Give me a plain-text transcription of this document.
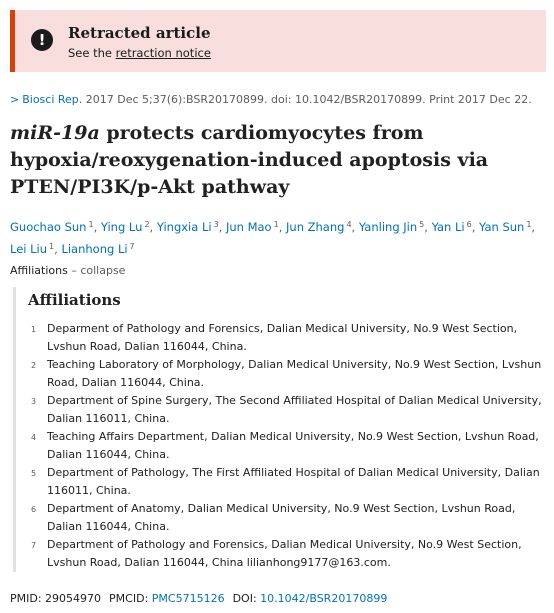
!	Retracted article
See the retraction notice
> Biosci Rep. 2017 Dec 5;37(6):BSR20170899. doi: 10.1042/BSR20170899. Print 2017 Dec 22.
miR-19a protects cardiomyocytes from hypoxia/reoxygenation-induced apoptosis via PTEN/PI3K/p-Akt pathway
Guochao Sun $^1$, Ying Lu $^2$, Yingxia Li $^3$, Jun Mao $^1$, Jun Zhang $^4$, Yanling Jin $^5$, Yan Li $^6$, Yan Sun $^1$, Lei Liu $^1$, Lianhong Li $^7$
Affiliations – collapse
Affiliations
1 Deparment of Pathology and Forensics, Dalian Medical University, No.9 West Section, Lvshun Road, Dalian 116044, China.
2 Teaching Laboratory of Morphology, Dalian Medical University, No.9 West Section, Lvshun Road, Dalian 116044, China.
3 Department of Spine Surgery, The Second Affiliated Hospital of Dalian Medical University, Dalian 116011, China.
4 Teaching Affairs Department, Dalian Medical University, No.9 West Section, Lvshun Road, Dalian 116044, China.
5 Department of Pathology, The First Affiliated Hospital of Dalian Medical University, Dalian 116011, China.
6 Department of Anatomy, Dalian Medical University, No.9 West Section, Lvshun Road, Dalian 116044, China.
7 Department of Pathology and Forensics, Dalian Medical University, No.9 West Section, Lvshun Road, Dalian 116044, China lilianhong9177@163.com.
PMID: 29054970 PMCID: PMC5715126 DOI: 10.1042/BSR20170899
